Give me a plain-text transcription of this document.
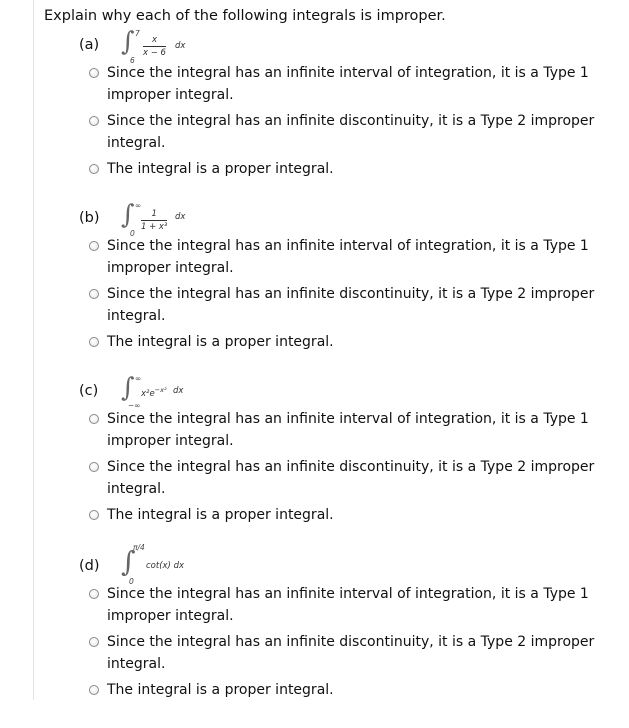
Explain why each of the following integrals is improper.
(a) ∫ 7
6
x
x − 6
dx
Since the integral has an infinite interval of integration, it is a Type 1 improper integral.
Since the integral has an infinite discontinuity, it is a Type 2 improper integral.
The integral is a proper integral.
(b) ∫ ∞
0
1
1 + x³
dx
Since the integral has an infinite interval of integration, it is a Type 1 improper integral.
Since the integral has an infinite discontinuity, it is a Type 2 improper integral.
The integral is a proper integral.
(c) ∫ ∞
−∞
$x^2e^{-x^2}$ dx
Since the integral has an infinite interval of integration, it is a Type 1 improper integral.
Since the integral has an infinite discontinuity, it is a Type 2 improper integral.
The integral is a proper integral.
(d) ∫
π/4
0
cot(x) dx
Since the integral has an infinite interval of integration, it is a Type 1 improper integral.
Since the integral has an infinite discontinuity, it is a Type 2 improper integral.
The integral is a proper integral.
